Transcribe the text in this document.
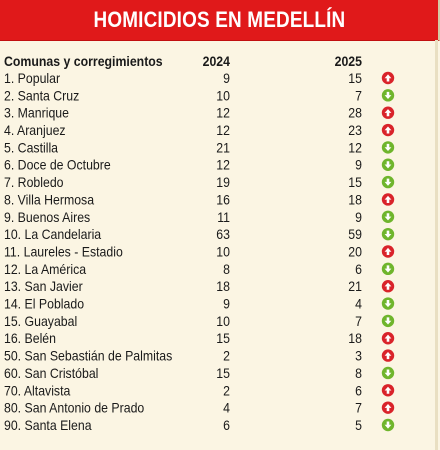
HOMICIDIOS EN MEDELLÍN
Comunas y corregimientos	2024	2025
1. Popular	9	15
2. Santa Cruz	10	7
3. Manrique	12	28
4. Aranjuez	12	23
5. Castilla	21	12
6. Doce de Octubre	12	9
7. Robledo	19	15
8. Villa Hermosa	16	18
9. Buenos Aires	11	9
10. La Candelaria	63	59
11. Laureles - Estadio	10	20
12. La América	8	6
13. San Javier	18	21
14. El Poblado	9	4
15. Guayabal	10	7
16. Belén	15	18
50. San Sebastián de Palmitas	2	3
60. San Cristóbal	15	8
70. Altavista	2	6
80. San Antonio de Prado	4	7
90. Santa Elena	6	5
